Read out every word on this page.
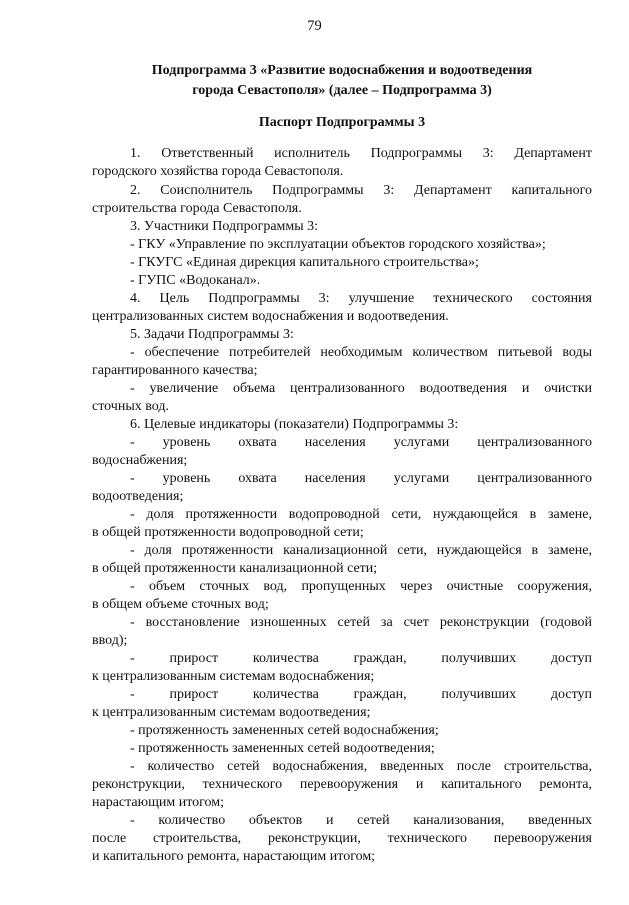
79
Подпрограмма 3 «Развитие водоснабжения и водоотведения
города Севастополя» (далее – Подпрограмма 3)
Паспорт Подпрограммы 3
1. Ответственный исполнитель Подпрограммы 3: Департамент
городского хозяйства города Севастополя.
2. Соисполнитель Подпрограммы 3: Департамент капитального
строительства города Севастополя.
3. Участники Подпрограммы 3:
- ГКУ «Управление по эксплуатации объектов городского хозяйства»;
- ГКУГС «Единая дирекция капитального строительства»;
- ГУПС «Водоканал».
4. Цель Подпрограммы 3: улучшение технического состояния
централизованных систем водоснабжения и водоотведения.
5. Задачи Подпрограммы 3:
- обеспечение потребителей необходимым количеством питьевой воды
гарантированного качества;
- увеличение объема централизованного водоотведения и очистки
сточных вод.
6. Целевые индикаторы (показатели) Подпрограммы 3:
- уровень охвата населения услугами централизованного
водоснабжения;
- уровень охвата населения услугами централизованного
водоотведения;
- доля протяженности водопроводной сети, нуждающейся в замене,
в общей протяженности водопроводной сети;
- доля протяженности канализационной сети, нуждающейся в замене,
в общей протяженности канализационной сети;
- объем сточных вод, пропущенных через очистные сооружения,
в общем объеме сточных вод;
- восстановление изношенных сетей за счет реконструкции (годовой
ввод);
- прирост количества граждан, получивших доступ
к централизованным системам водоснабжения;
- прирост количества граждан, получивших доступ
к централизованным системам водоотведения;
- протяженность замененных сетей водоснабжения;
- протяженность замененных сетей водоотведения;
- количество сетей водоснабжения, введенных после строительства,
реконструкции, технического перевооружения и капитального ремонта,
нарастающим итогом;
- количество объектов и сетей канализования, введенных
после строительства, реконструкции, технического перевооружения
и капитального ремонта, нарастающим итогом;
